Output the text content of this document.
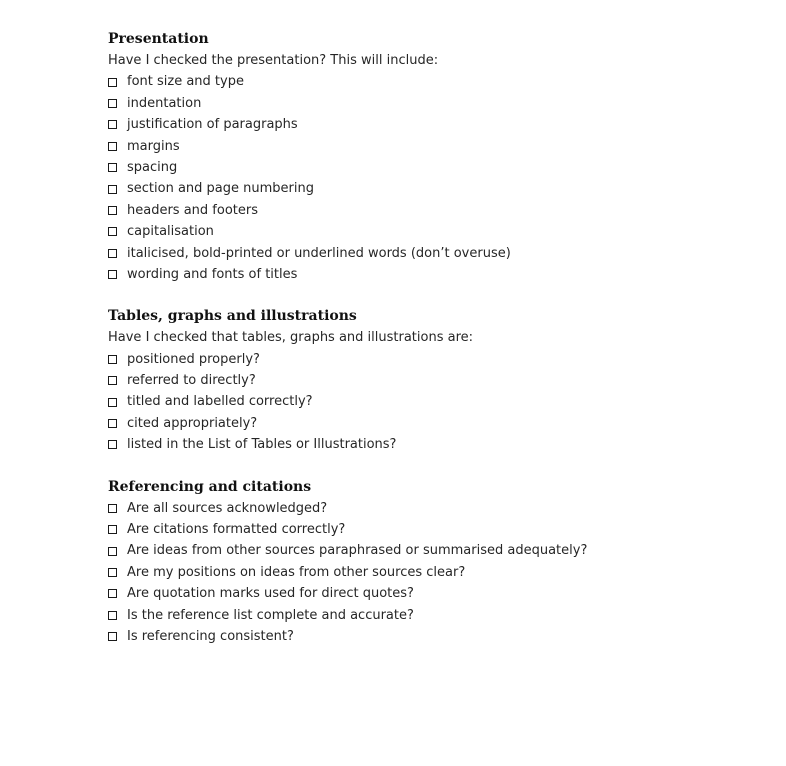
Presentation
Have I checked the presentation? This will include:
font size and type
indentation
justification of paragraphs
margins
spacing
section and page numbering
headers and footers
capitalisation
italicised, bold-printed or underlined words (don’t overuse)
wording and fonts of titles
Tables, graphs and illustrations
Have I checked that tables, graphs and illustrations are:
positioned properly?
referred to directly?
titled and labelled correctly?
cited appropriately?
listed in the List of Tables or Illustrations?
Referencing and citations
Are all sources acknowledged?
Are citations formatted correctly?
Are ideas from other sources paraphrased or summarised adequately?
Are my positions on ideas from other sources clear?
Are quotation marks used for direct quotes?
Is the reference list complete and accurate?
Is referencing consistent?
